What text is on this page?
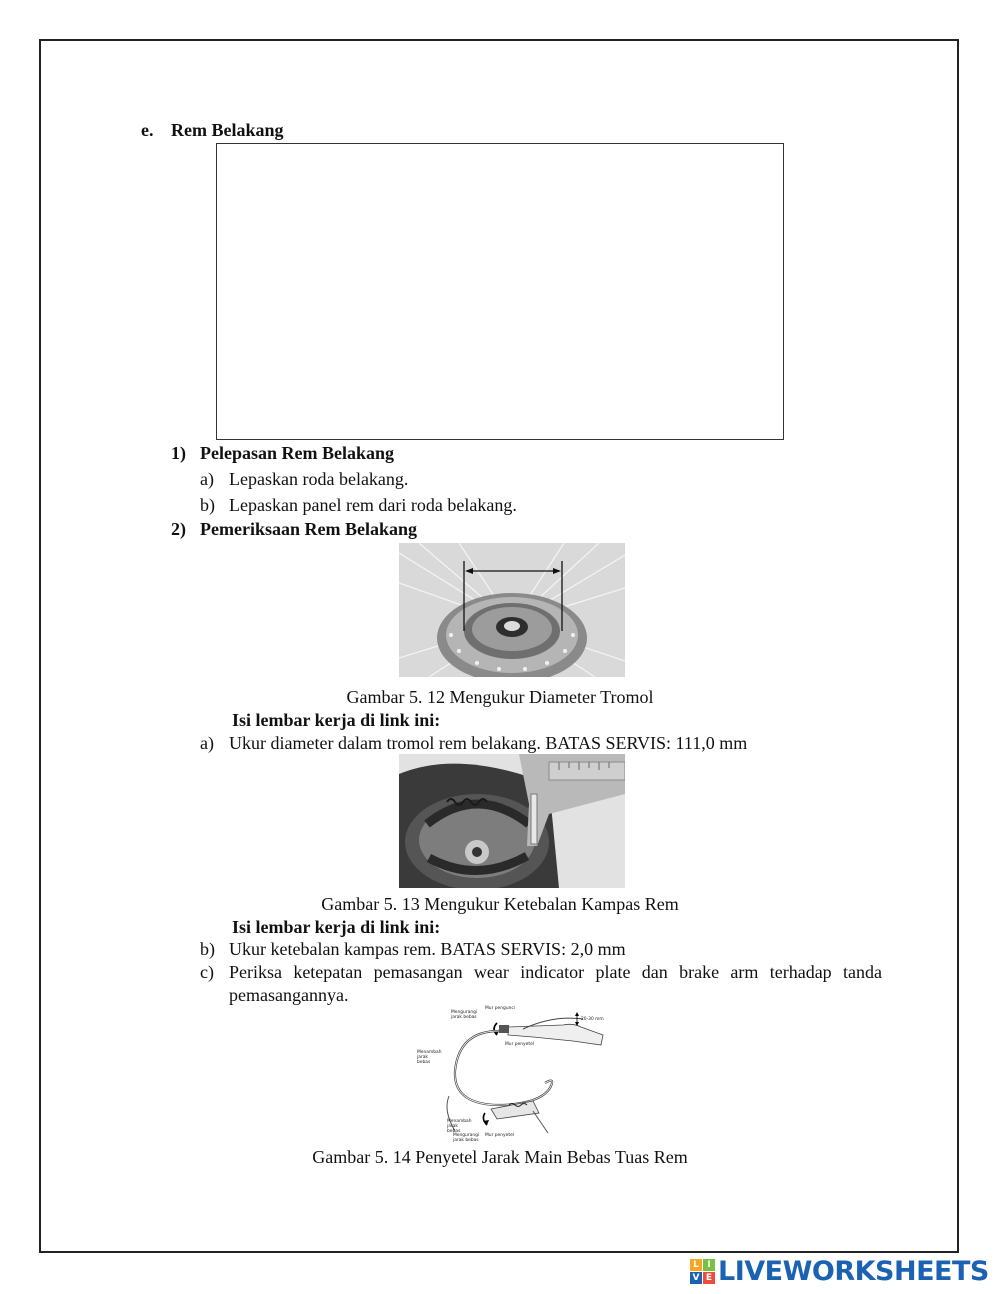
e. Rem Belakang
1) Pelepasan Rem Belakang
a) Lepaskan roda belakang.
b) Lepaskan panel rem dari roda belakang.
2) Pemeriksaan Rem Belakang
Gambar 5. 12 Mengukur Diameter Tromol
Isi lembar kerja di link ini:
a) Ukur diameter dalam tromol rem belakang. BATAS SERVIS: 111,0 mm
Gambar 5. 13 Mengukur Ketebalan Kampas Rem
Isi lembar kerja di link ini:
b) Ukur ketebalan kampas rem. BATAS SERVIS: 2,0 mm
c) Periksa ketepatan pemasangan wear indicator plate dan brake arm terhadap tanda
pemasangannya.
Mur pengunci
Mengurangi
jarak bebas
Mur penyetel
20-30 mm
Menambah
jarak
bebas
Menambah
jarak
bebas
Mengurangi
jarak bebas
Mur penyetel
Gambar 5. 14 Penyetel Jarak Main Bebas Tuas Rem
L I
V E LIVEWORKSHEETS
